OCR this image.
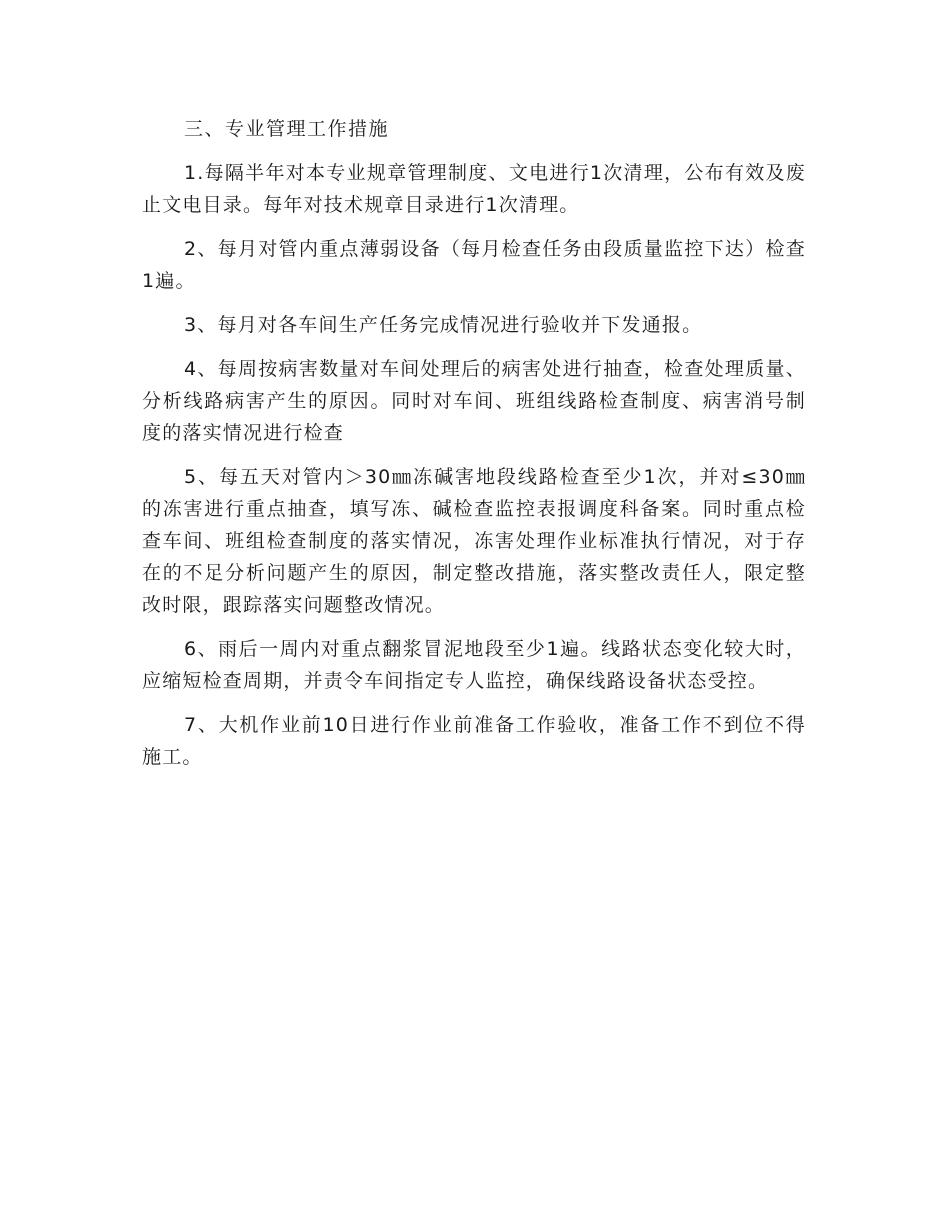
三、专业管理工作措施

1.每隔半年对本专业规章管理制度、文电进行1次清理，公布有效及废止文电目录。每年对技术规章目录进行1次清理。

2、每月对管内重点薄弱设备（每月检查任务由段质量监控下达）检查1遍。

3、每月对各车间生产任务完成情况进行验收并下发通报。

4、每周按病害数量对车间处理后的病害处进行抽查，检查处理质量、分析线路病害产生的原因。同时对车间、班组线路检查制度、病害消号制度的落实情况进行检查

5、每五天对管内＞30㎜冻碱害地段线路检查至少1次，并对≤30㎜的冻害进行重点抽查，填写冻、碱检查监控表报调度科备案。同时重点检查车间、班组检查制度的落实情况，冻害处理作业标准执行情况，对于存在的不足分析问题产生的原因，制定整改措施，落实整改责任人，限定整改时限，跟踪落实问题整改情况。

6、雨后一周内对重点翻浆冒泥地段至少1遍。线路状态变化较大时，应缩短检查周期，并责令车间指定专人监控，确保线路设备状态受控。

7、大机作业前10日进行作业前准备工作验收，准备工作不到位不得施工。
